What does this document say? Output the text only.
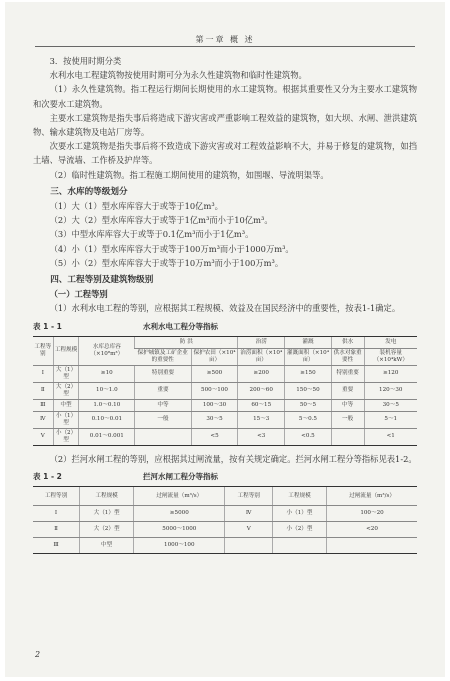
第一章 概 述

3．按使用时期分类

水利水电工程建筑物按使用时期可分为永久性建筑物和临时性建筑物。

（1）永久性建筑物。指工程运行期间长期使用的水工建筑物。根据其重要性又分为主要水工建筑物和次要水工建筑物。

主要水工建筑物是指失事后将造成下游灾害或严重影响工程效益的建筑物，如大坝、水闸、泄洪建筑物、输水建筑物及电站厂房等。

次要水工建筑物是指失事后将不致造成下游灾害或对工程效益影响不大，并易于修复的建筑物，如挡土墙、导流墙、工作桥及护岸等。

（2）临时性建筑物。指工程施工期间使用的建筑物，如围堰、导流明渠等。

三、水库的等级划分

（1）大（1）型水库库容大于或等于10亿m³。

（2）大（2）型水库库容大于或等于1亿m³而小于10亿m³。

（3）中型水库库容大于或等于0.1亿m³而小于1亿m³。

（4）小（1）型水库库容大于或等于100万m³而小于1000万m³。

（5）小（2）型水库库容大于或等于10万m³而小于100万m³。

四、工程等别及建筑物级别

（一）工程等别

（1）水利水电工程的等别，应根据其工程规模、效益及在国民经济中的重要性，按表1-1确定。

表 1 - 1	水利水电工程分等指标
工程等别	工程规模	水库总库容（×10⁸m³）	防 洪		治涝	灌溉	供水	发电
			保护城镇及工矿企业的重要性	保护农田（×10⁴亩）	治涝面积（×10⁴亩）	灌溉面积（×10⁴亩）	供水对象重要性	装机容量（×10⁴kW）
Ⅰ	大（1）型	≥10	特别重要	≥500	≥200	≥150	特别重要	≥120
Ⅱ	大（2）型	10～1.0	重要	500～100	200～60	150～50	重要	120～30
Ⅲ	中型	1.0～0.10	中等	100～30	60～15	50～5	中等	30～5
Ⅳ	小（1）型	0.10～0.01	一般	30～5	15～3	5～0.5	一般	5～1
Ⅴ	小（2）型	0.01～0.001		<5	<3	<0.5		<1

（2）拦河水闸工程的等别，应根据其过闸流量，按有关规定确定。拦河水闸工程分等指标见表1-2。

表 1 - 2	拦河水闸工程分等指标
工程等别	工程规模	过闸流量（m³/s）	工程等别	工程规模	过闸流量（m³/s）
Ⅰ	大（1）型	≥5000	Ⅳ	小（1）型	100～20
Ⅱ	大（2）型	5000～1000	Ⅴ	小（2）型	<20
Ⅲ	中型	1000～100			
2
